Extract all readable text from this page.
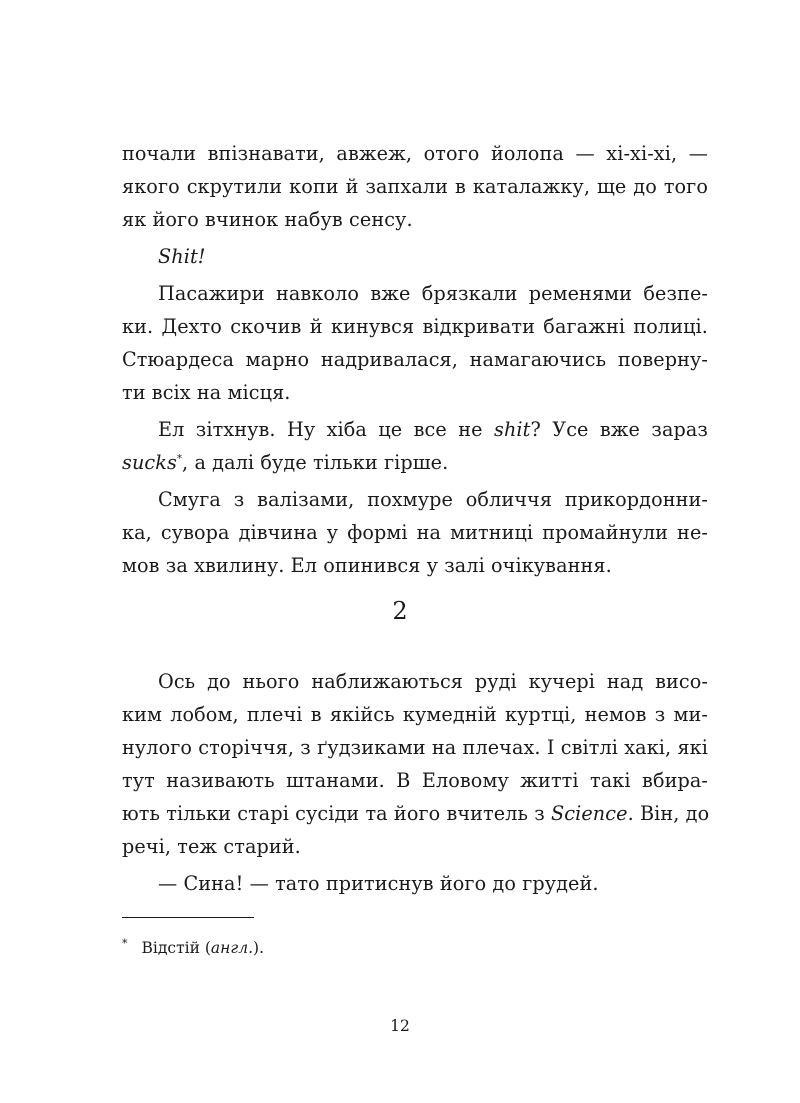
почали впізнавати, авжеж, отого йолопа — хі-хі-хі, —
якого скрутили копи й запхали в каталажку, ще до того
як його вчинок набув сенсу.
Shit!
Пасажири навколо вже брязкали ременями безпе-
ки. Дехто скочив й кинувся відкривати багажні полиці.
Стюардеса марно надривалася, намагаючись поверну-
ти всіх на місця.
Ел зітхнув. Ну хіба це все не shit? Усе вже зараз
sucks*, а далі буде тільки гірше.
Смуга з валізами, похмуре обличчя прикордонни-
ка, сувора дівчина у формі на митниці промайнули не-
мов за хвилину. Ел опинився у залі очікування.
2
Ось до нього наближаються руді кучері над висо-
ким лобом, плечі в якійсь кумедній куртці, немов з ми-
нулого сторіччя, з ґудзиками на плечах. І світлі хакі, які
тут називають штанами. В Еловому житті такі вбира-
ють тільки старі сусіди та його вчитель з Science. Він, до
речі, теж старий.
— Сина! — тато притиснув його до грудей.
* Відстій (англ.).
12
